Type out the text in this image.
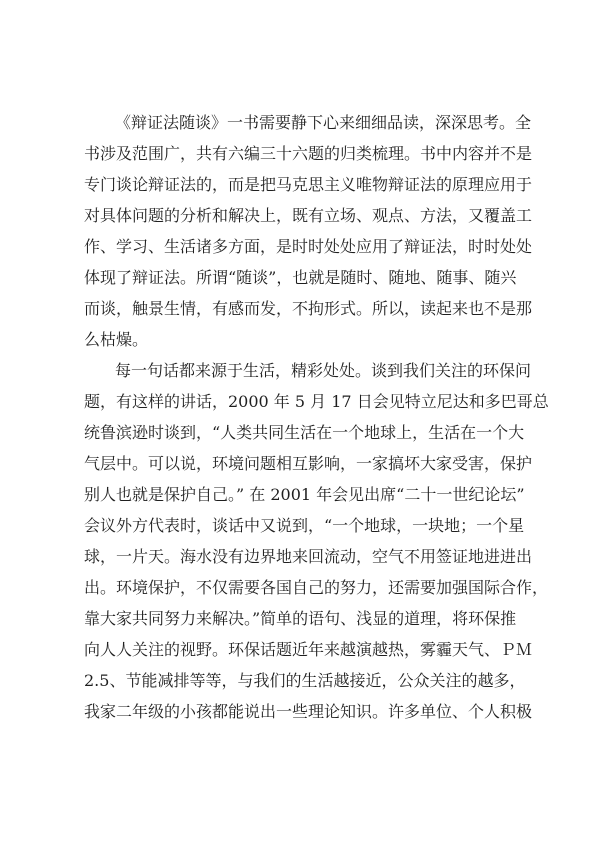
《辩证法随谈》一书需要静下心来细细品读，深深思考。全
书涉及范围广，共有六编三十六题的归类梳理。书中内容并不是
专门谈论辩证法的，而是把马克思主义唯物辩证法的原理应用于
对具体问题的分析和解决上，既有立场、观点、方法，又覆盖工
作、学习、生活诸多方面，是时时处处应用了辩证法，时时处处
体现了辩证法。所谓“随谈”，也就是随时、随地、随事、随兴
而谈，触景生情，有感而发，不拘形式。所以，读起来也不是那
么枯燥。
每一句话都来源于生活，精彩处处。谈到我们关注的环保问
题，有这样的讲话，2000 年 5 月 17 日会见特立尼达和多巴哥总
统鲁滨逊时谈到，“人类共同生活在一个地球上，生活在一个大
气层中。可以说，环境问题相互影响，一家搞坏大家受害，保护
别人也就是保护自己。” 在 2001 年会见出席“二十一世纪论坛”
会议外方代表时，谈话中又说到，“一个地球，一块地；一个星
球，一片天。海水没有边界地来回流动，空气不用签证地进进出
出。环境保护，不仅需要各国自己的努力，还需要加强国际合作，
靠大家共同努力来解决。”简单的语句、浅显的道理，将环保推
向人人关注的视野。环保话题近年来越演越热，雾霾天气、ＰＭ
2.5、节能减排等等，与我们的生活越接近，公众关注的越多，
我家二年级的小孩都能说出一些理论知识。许多单位、个人积极
